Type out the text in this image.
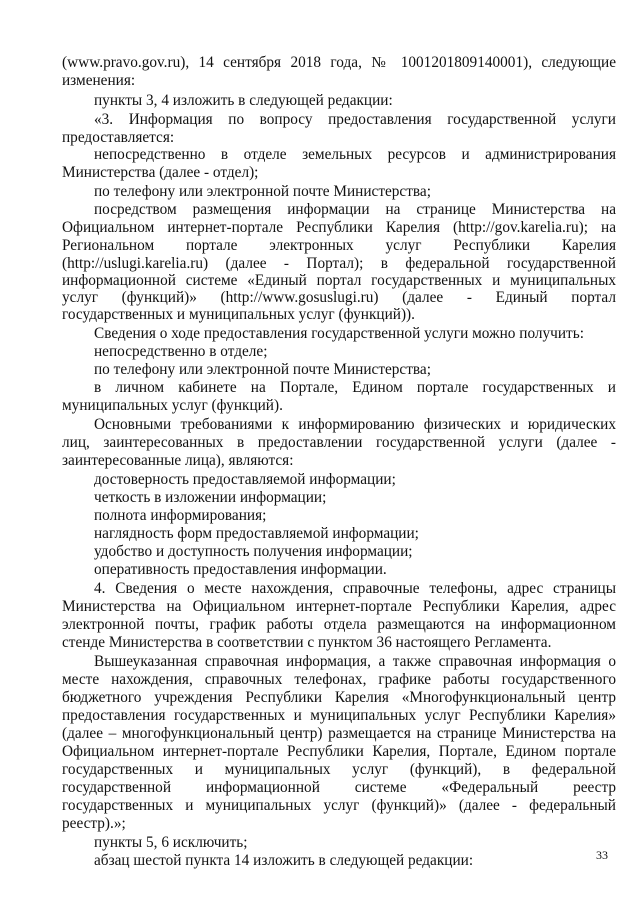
(www.pravo.gov.ru), 14 сентября 2018 года, № 1001201809140001), следующие
изменения:
пункты 3, 4 изложить в следующей редакции:
«3. Информация по вопросу предоставления государственной услуги
предоставляется:
непосредственно в отделе земельных ресурсов и администрирования
Министерства (далее - отдел);
по телефону или электронной почте Министерства;
посредством размещения информации на странице Министерства на
Официальном интернет-портале Республики Карелия (http://gov.karelia.ru); на
Региональном портале электронных услуг Республики Карелия
(http://uslugi.karelia.ru) (далее - Портал); в федеральной государственной
информационной системе «Единый портал государственных и муниципальных
услуг (функций)» (http://www.gosuslugi.ru) (далее - Единый портал
государственных и муниципальных услуг (функций)).
Сведения о ходе предоставления государственной услуги можно получить:
непосредственно в отделе;
по телефону или электронной почте Министерства;
в личном кабинете на Портале, Едином портале государственных и
муниципальных услуг (функций).
Основными требованиями к информированию физических и юридических
лиц, заинтересованных в предоставлении государственной услуги (далее -
заинтересованные лица), являются:
достоверность предоставляемой информации;
четкость в изложении информации;
полнота информирования;
наглядность форм предоставляемой информации;
удобство и доступность получения информации;
оперативность предоставления информации.
4. Сведения о месте нахождения, справочные телефоны, адрес страницы
Министерства на Официальном интернет-портале Республики Карелия, адрес
электронной почты, график работы отдела размещаются на информационном
стенде Министерства в соответствии с пунктом 36 настоящего Регламента.
Вышеуказанная справочная информация, а также справочная информация о
месте нахождения, справочных телефонах, графике работы государственного
бюджетного учреждения Республики Карелия «Многофункциональный центр
предоставления государственных и муниципальных услуг Республики Карелия»
(далее – многофункциональный центр) размещается на странице Министерства на
Официальном интернет-портале Республики Карелия, Портале, Едином портале
государственных и муниципальных услуг (функций), в федеральной
государственной информационной системе «Федеральный реестр
государственных и муниципальных услуг (функций)» (далее - федеральный
реестр).»;
пункты 5, 6 исключить;
абзац шестой пункта 14 изложить в следующей редакции:	33
